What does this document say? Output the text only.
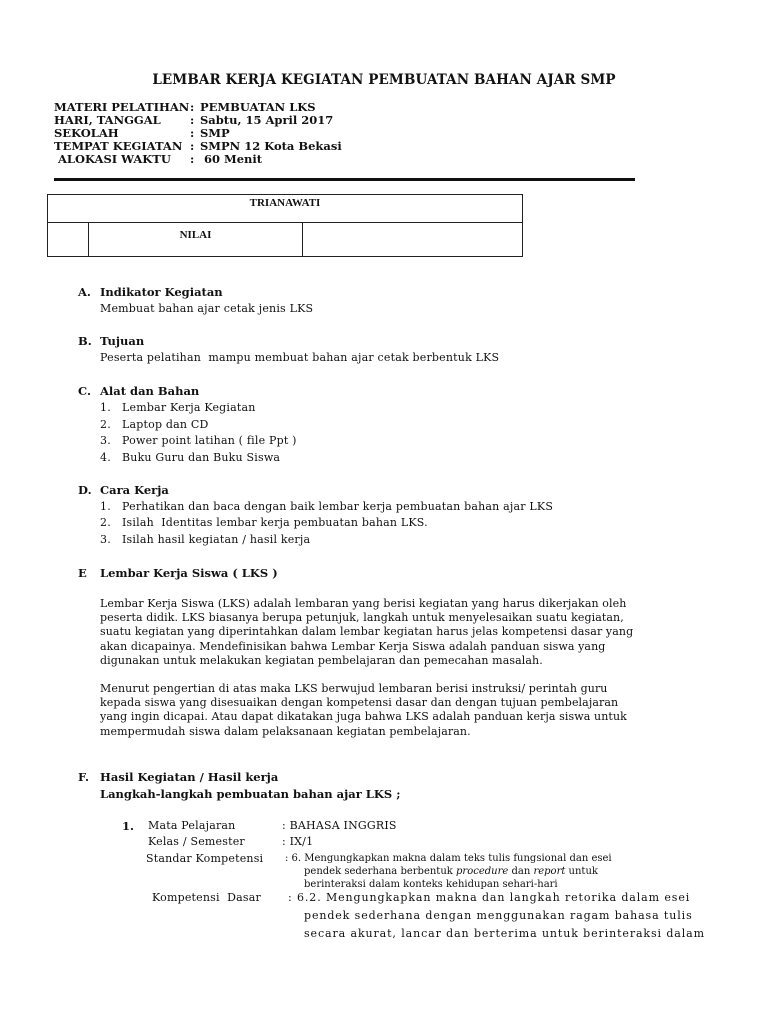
LEMBAR KERJA KEGIATAN PEMBUATAN BAHAN AJAR SMP
MATERI PELATIHAN : PEMBUATAN LKS
HARI, TANGGAL	: Sabtu, 15 April 2017
SEKOLAH	: SMP
TEMPAT KEGIATAN : SMPN 12 Kota Bekasi
ALOKASI WAKTU : 60 Menit
TRIANAWATI
NILAI
A. Indikator Kegiatan
Membuat bahan ajar cetak jenis LKS
B. Tujuan
Peserta pelatihan  mampu membuat bahan ajar cetak berbentuk LKS
C. Alat dan Bahan
1. Lembar Kerja Kegiatan
2. Laptop dan CD
3. Power point latihan ( file Ppt )
4. Buku Guru dan Buku Siswa
D. Cara Kerja
1. Perhatikan dan baca dengan baik lembar kerja pembuatan bahan ajar LKS
2. Isilah  Identitas lembar kerja pembuatan bahan LKS.
3. Isilah hasil kegiatan / hasil kerja
E Lembar Kerja Siswa ( LKS )
Lembar Kerja Siswa (LKS) adalah lembaran yang berisi kegiatan yang harus dikerjakan oleh
peserta didik. LKS biasanya berupa petunjuk, langkah untuk menyelesaikan suatu kegiatan,
suatu kegiatan yang diperintahkan dalam lembar kegiatan harus jelas kompetensi dasar yang
akan dicapainya. Mendefinisikan bahwa Lembar Kerja Siswa adalah panduan siswa yang
digunakan untuk melakukan kegiatan pembelajaran dan pemecahan masalah.
Menurut pengertian di atas maka LKS berwujud lembaran berisi instruksi/ perintah guru
kepada siswa yang disesuaikan dengan kompetensi dasar dan dengan tujuan pembelajaran
yang ingin dicapai. Atau dapat dikatakan juga bahwa LKS adalah panduan kerja siswa untuk
mempermudah siswa dalam pelaksanaan kegiatan pembelajaran.
F. Hasil Kegiatan / Hasil kerja
Langkah-langkah pembuatan bahan ajar LKS ;
1. Mata Pelajaran	: BAHASA INGGRIS
Kelas / Semester	: IX/1
Standar Kompetensi : 6. Mengungkapkan makna dalam teks tulis fungsional dan esei
pendek sederhana berbentuk procedure dan report untuk
berinteraksi dalam konteks kehidupan sehari-hari
Kompetensi  Dasar : 6.2. Mengungkapkan makna dan langkah retorika dalam esei
pendek sederhana dengan menggunakan ragam bahasa tulis
secara akurat, lancar dan berterima untuk berinteraksi dalam
